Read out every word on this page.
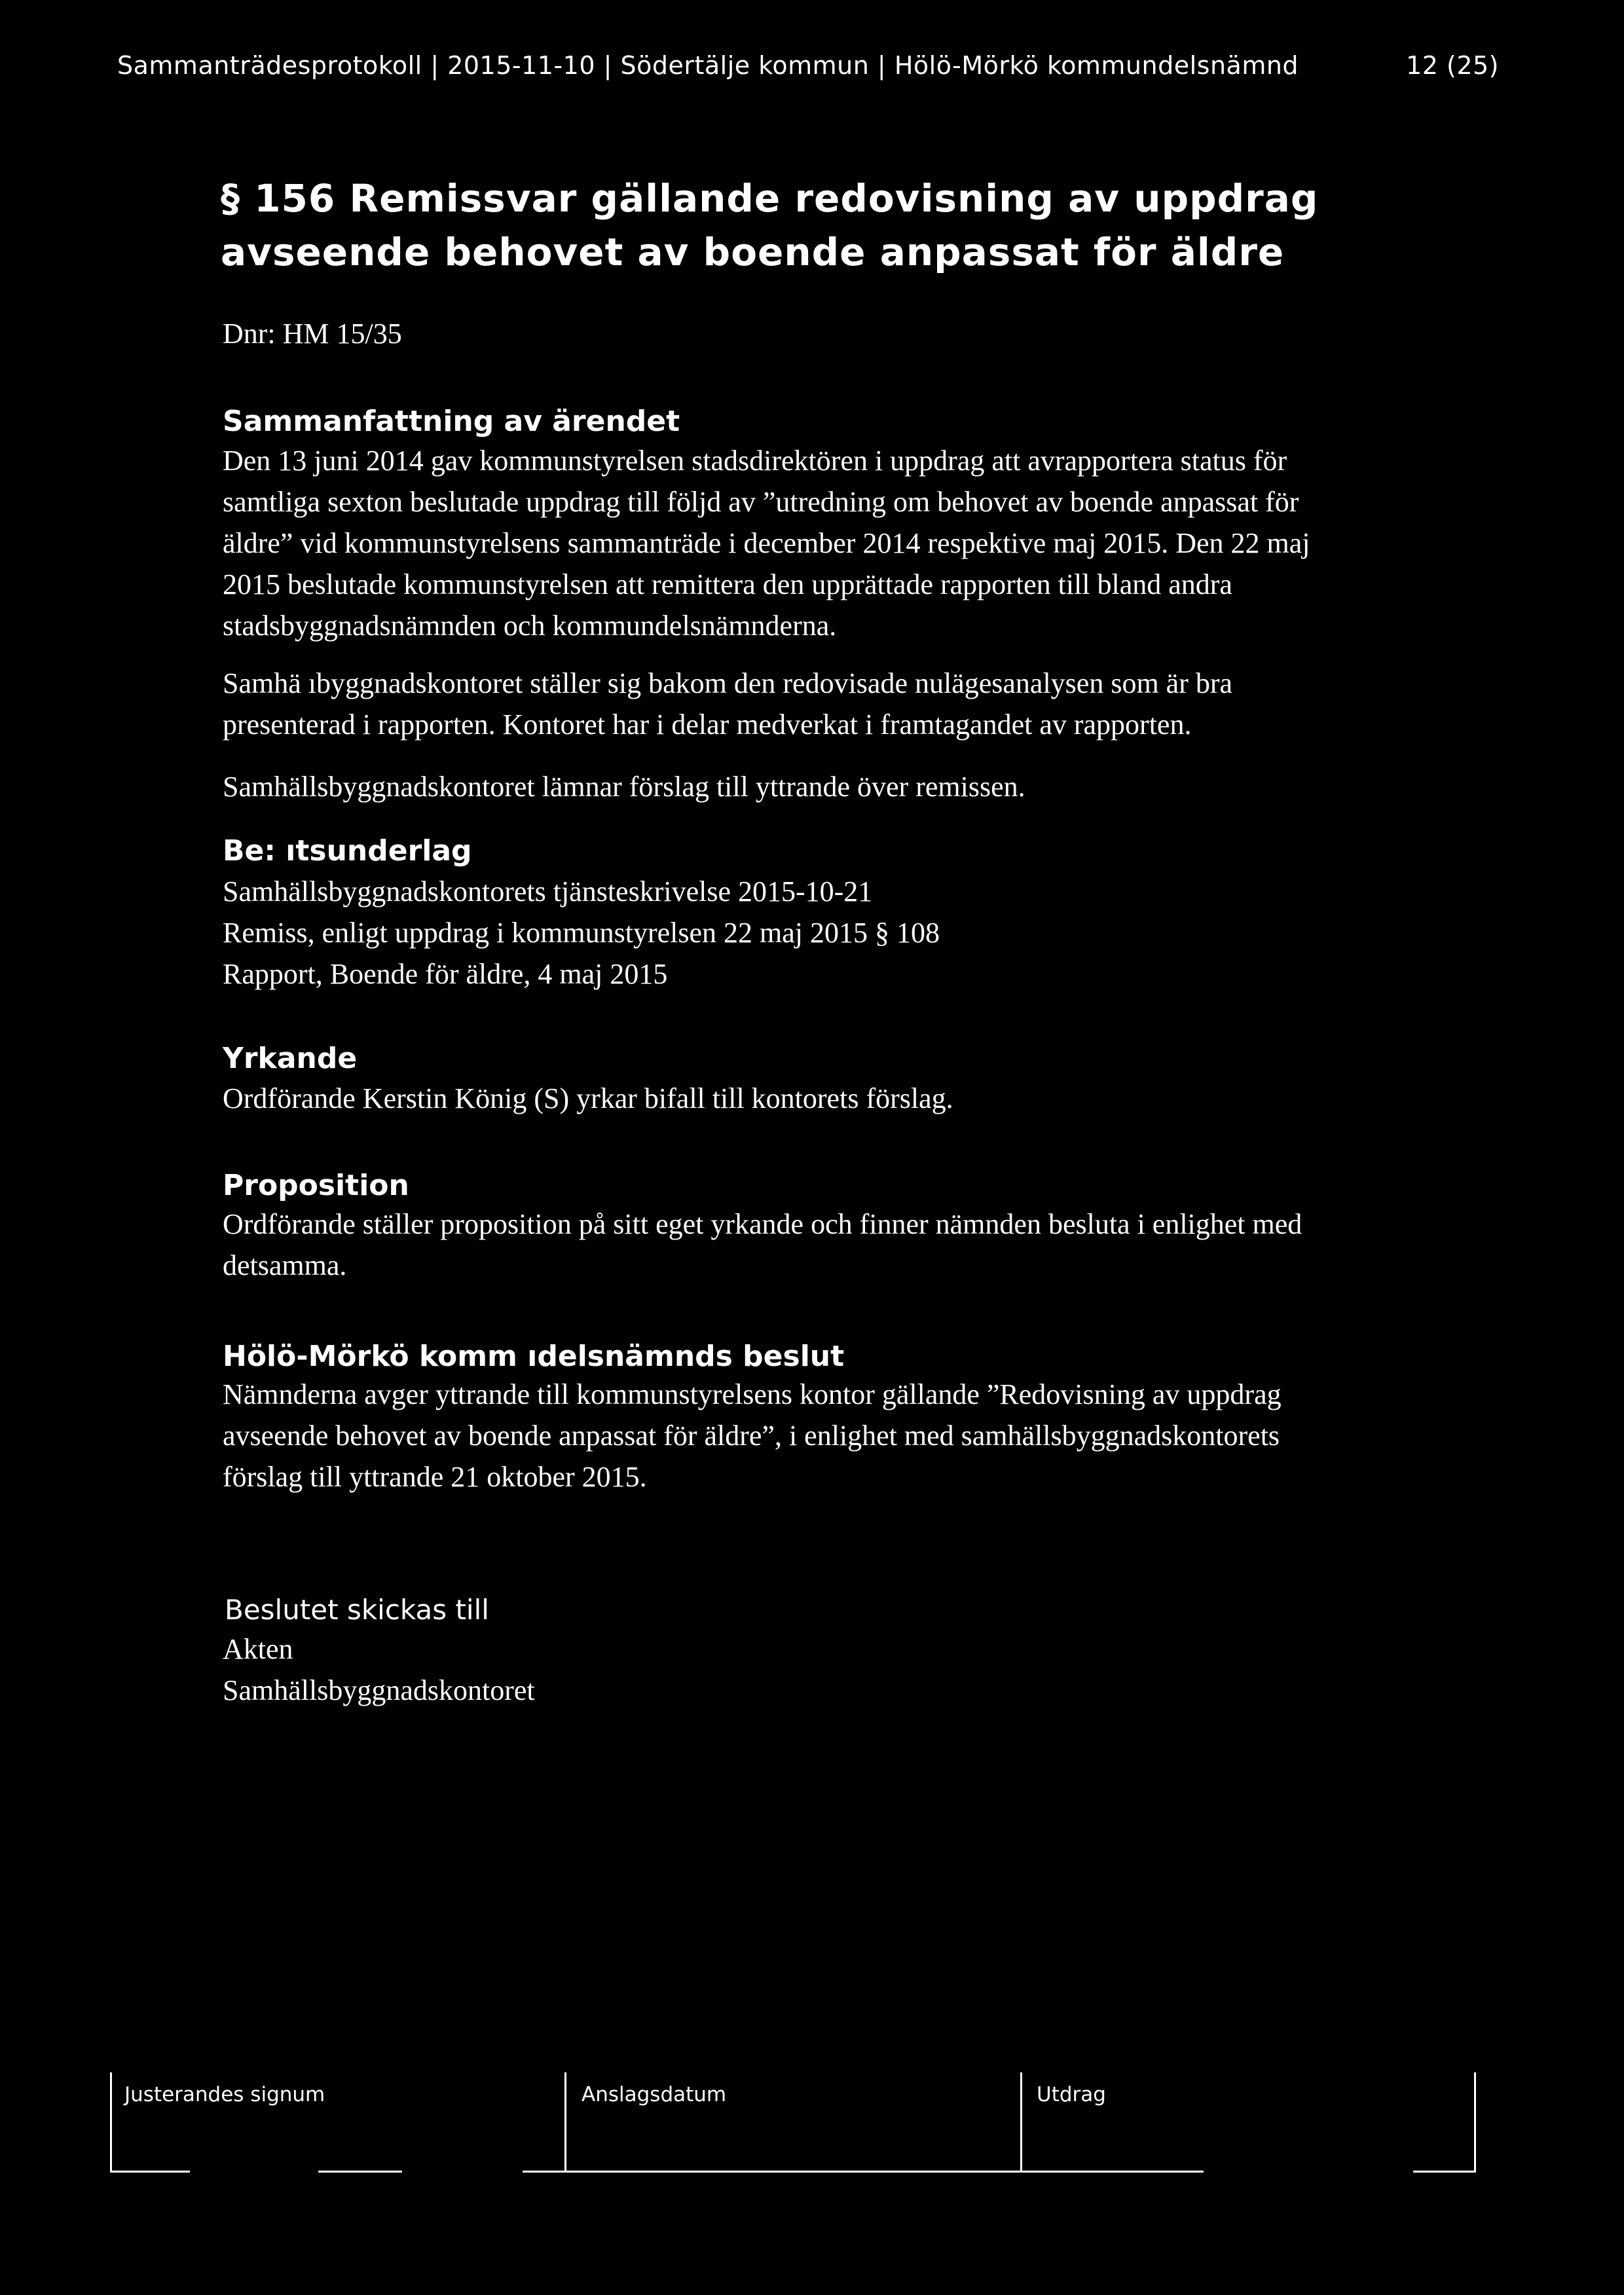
Sammanträdesprotokoll | 2015-11-10 | Södertälje kommun | Hölö-Mörkö kommundelsnämnd	12 (25)
§ 156 Remissvar gällande redovisning av uppdrag
avseende behovet av boende anpassat för äldre
Dnr: HM 15/35
Sammanfattning av ärendet
Den 13 juni 2014 gav kommunstyrelsen stadsdirektören i uppdrag att avrapportera status för
samtliga sexton beslutade uppdrag till följd av ”utredning om behovet av boende anpassat för
äldre” vid kommunstyrelsens sammanträde i december 2014 respektive maj 2015. Den 22 maj
2015 beslutade kommunstyrelsen att remittera den upprättade rapporten till bland andra
stadsbyggnadsnämnden och kommundelsnämnderna.
Samhä ıbyggnadskontoret ställer sig bakom den redovisade nulägesanalysen som är bra
presenterad i rapporten. Kontoret har i delar medverkat i framtagandet av rapporten.
Samhällsbyggnadskontoret lämnar förslag till yttrande över remissen.
Be: ıtsunderlag
Samhällsbyggnadskontorets tjänsteskrivelse 2015-10-21
Remiss, enligt uppdrag i kommunstyrelsen 22 maj 2015 § 108
Rapport, Boende för äldre, 4 maj 2015
Yrkande
Ordförande Kerstin König (S) yrkar bifall till kontorets förslag.
Proposition
Ordförande ställer proposition på sitt eget yrkande och finner nämnden besluta i enlighet med
detsamma.
Hölö-Mörkö komm ıdelsnämnds beslut
Nämnderna avger yttrande till kommunstyrelsens kontor gällande ”Redovisning av uppdrag
avseende behovet av boende anpassat för äldre”, i enlighet med samhällsbyggnadskontorets
förslag till yttrande 21 oktober 2015.
Beslutet skickas till
Akten
Samhällsbyggnadskontoret
Justerandes signum	Anslagsdatum	Utdrag
